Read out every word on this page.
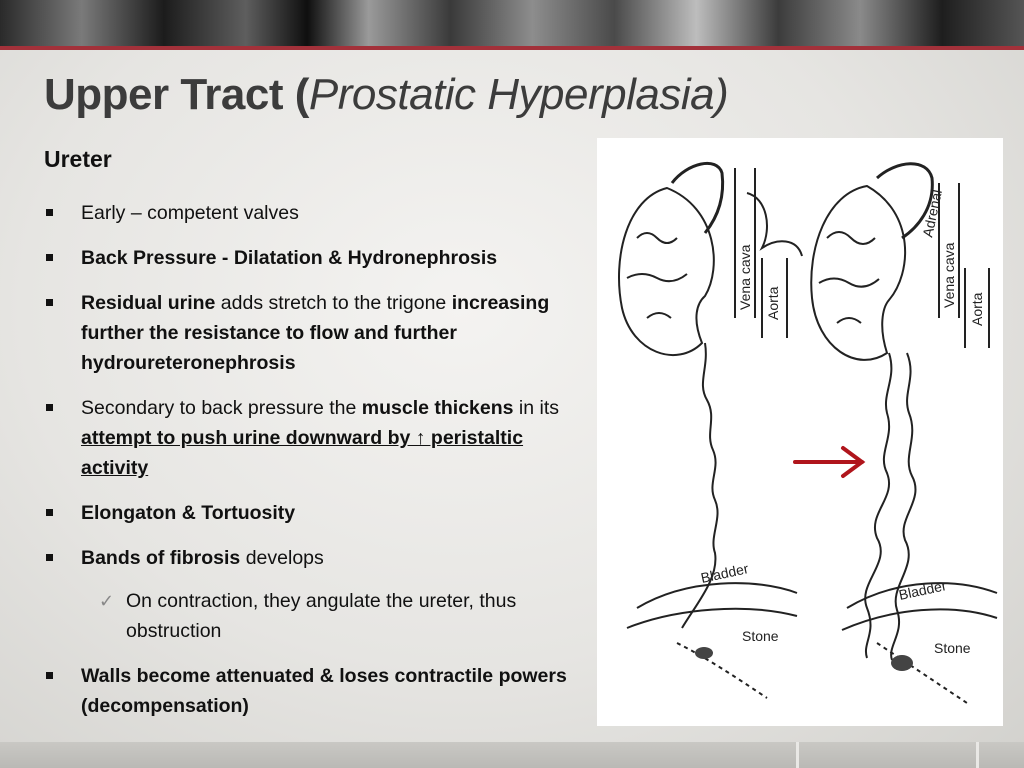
Upper Tract (Prostatic Hyperplasia)
Ureter
Early – competent valves
Back Pressure - Dilatation & Hydronephrosis
Residual urine adds stretch to the trigone increasing further the resistance to flow and further hydroureteronephrosis
Secondary to back pressure the muscle thickens in its attempt to push urine downward by ↑ peristaltic activity
Elongaton & Tortuosity
Bands of fibrosis develops
✓ On contraction, they angulate the ureter, thus obstruction
Walls become attenuated & loses contractile powers (decompensation)
Vena cava Aorta	Vena cava
Aorta
Adrenal
Bladder
Bladder
Stone
Stone
